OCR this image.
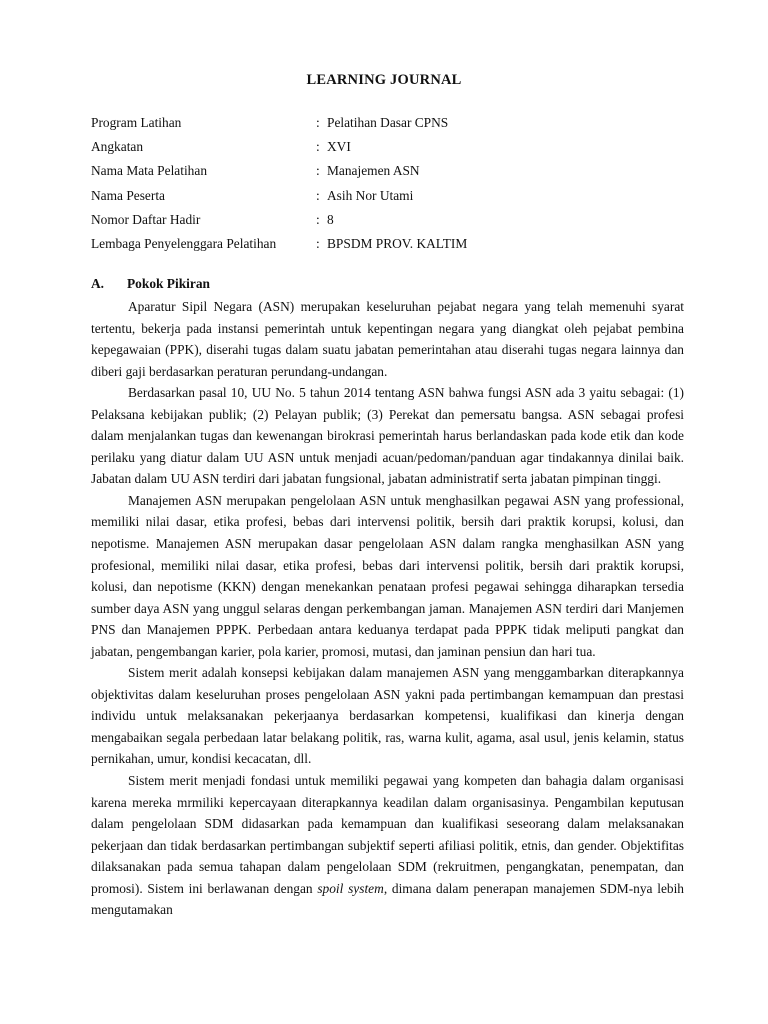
LEARNING JOURNAL
Program Latihan	: Pelatihan Dasar CPNS
Angkatan	: XVI
Nama Mata Pelatihan	: Manajemen ASN
Nama Peserta	: Asih Nor Utami
Nomor Daftar Hadir	: 8
Lembaga Penyelenggara Pelatihan	: BPSDM PROV. KALTIM
A. Pokok Pikiran

Aparatur Sipil Negara (ASN) merupakan keseluruhan pejabat negara yang telah memenuhi syarat tertentu, bekerja pada instansi pemerintah untuk kepentingan negara yang diangkat oleh pejabat pembina kepegawaian (PPK), diserahi tugas dalam suatu jabatan pemerintahan atau diserahi tugas negara lainnya dan diberi gaji berdasarkan peraturan perundang-undangan.

Berdasarkan pasal 10, UU No. 5 tahun 2014 tentang ASN bahwa fungsi ASN ada 3 yaitu sebagai: (1) Pelaksana kebijakan publik; (2) Pelayan publik; (3) Perekat dan pemersatu bangsa. ASN sebagai profesi dalam menjalankan tugas dan kewenangan birokrasi pemerintah harus berlandaskan pada kode etik dan kode perilaku yang diatur dalam UU ASN untuk menjadi acuan/pedoman/panduan agar tindakannya dinilai baik. Jabatan dalam UU ASN terdiri dari jabatan fungsional, jabatan administratif serta jabatan pimpinan tinggi.

Manajemen ASN merupakan pengelolaan ASN untuk menghasilkan pegawai ASN yang professional, memiliki nilai dasar, etika profesi, bebas dari intervensi politik, bersih dari praktik korupsi, kolusi, dan nepotisme. Manajemen ASN merupakan dasar pengelolaan ASN dalam rangka menghasilkan ASN yang profesional, memiliki nilai dasar, etika profesi, bebas dari intervensi politik, bersih dari praktik korupsi, kolusi, dan nepotisme (KKN) dengan menekankan penataan profesi pegawai sehingga diharapkan tersedia sumber daya ASN yang unggul selaras dengan perkembangan jaman. Manajemen ASN terdiri dari Manjemen PNS dan Manajemen PPPK. Perbedaan antara keduanya terdapat pada PPPK tidak meliputi pangkat dan jabatan, pengembangan karier, pola karier, promosi, mutasi, dan jaminan pensiun dan hari tua.

Sistem merit adalah konsepsi kebijakan dalam manajemen ASN yang menggambarkan diterapkannya objektivitas dalam keseluruhan proses pengelolaan ASN yakni pada pertimbangan kemampuan dan prestasi individu untuk melaksanakan pekerjaanya berdasarkan kompetensi, kualifikasi dan kinerja dengan mengabaikan segala perbedaan latar belakang politik, ras, warna kulit, agama, asal usul, jenis kelamin, status pernikahan, umur, kondisi kecacatan, dll.

Sistem merit menjadi fondasi untuk memiliki pegawai yang kompeten dan bahagia dalam organisasi karena mereka mrmiliki kepercayaan diterapkannya keadilan dalam organisasinya. Pengambilan keputusan dalam pengelolaan SDM didasarkan pada kemampuan dan kualifikasi seseorang dalam melaksanakan pekerjaan dan tidak berdasarkan pertimbangan subjektif seperti afiliasi politik, etnis, dan gender. Objektifitas dilaksanakan pada semua tahapan dalam pengelolaan SDM (rekruitmen, pengangkatan, penempatan, dan promosi). Sistem ini berlawanan dengan spoil system, dimana dalam penerapan manajemen SDM-nya lebih mengutamakan
